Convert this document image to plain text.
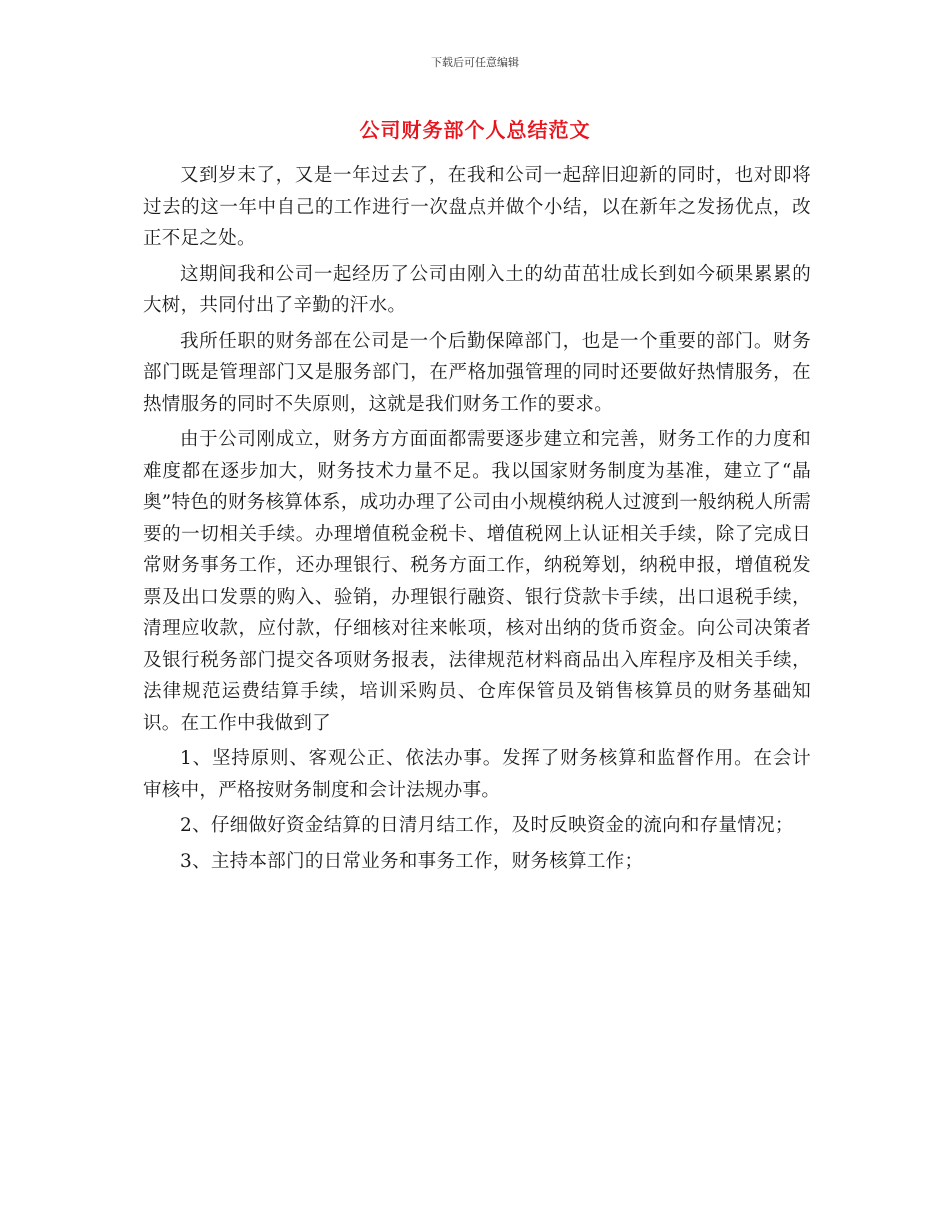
下载后可任意编辑
公司财务部个人总结范文

又到岁末了，又是一年过去了，在我和公司一起辞旧迎新的同时，也对即将过去的这一年中自己的工作进行一次盘点并做个小结，以在新年之发扬优点，改正不足之处。

这期间我和公司一起经历了公司由刚入土的幼苗茁壮成长到如今硕果累累的大树，共同付出了辛勤的汗水。

我所任职的财务部在公司是一个后勤保障部门，也是一个重要的部门。财务部门既是管理部门又是服务部门，在严格加强管理的同时还要做好热情服务，在热情服务的同时不失原则，这就是我们财务工作的要求。

由于公司刚成立，财务方方面面都需要逐步建立和完善，财务工作的力度和难度都在逐步加大，财务技术力量不足。我以国家财务制度为基准，建立了“晶奥”特色的财务核算体系，成功办理了公司由小规模纳税人过渡到一般纳税人所需要的一切相关手续。办理增值税金税卡、增值税网上认证相关手续，除了完成日常财务事务工作，还办理银行、税务方面工作，纳税筹划，纳税申报，增值税发票及出口发票的购入、验销，办理银行融资、银行贷款卡手续，出口退税手续，清理应收款，应付款，仔细核对往来帐项，核对出纳的货币资金。向公司决策者及银行税务部门提交各项财务报表，法律规范材料商品出入库程序及相关手续，法律规范运费结算手续，培训采购员、仓库保管员及销售核算员的财务基础知识。在工作中我做到了

1、坚持原则、客观公正、依法办事。发挥了财务核算和监督作用。在会计审核中，严格按财务制度和会计法规办事。

2、仔细做好资金结算的日清月结工作，及时反映资金的流向和存量情况；

3、主持本部门的日常业务和事务工作，财务核算工作；
